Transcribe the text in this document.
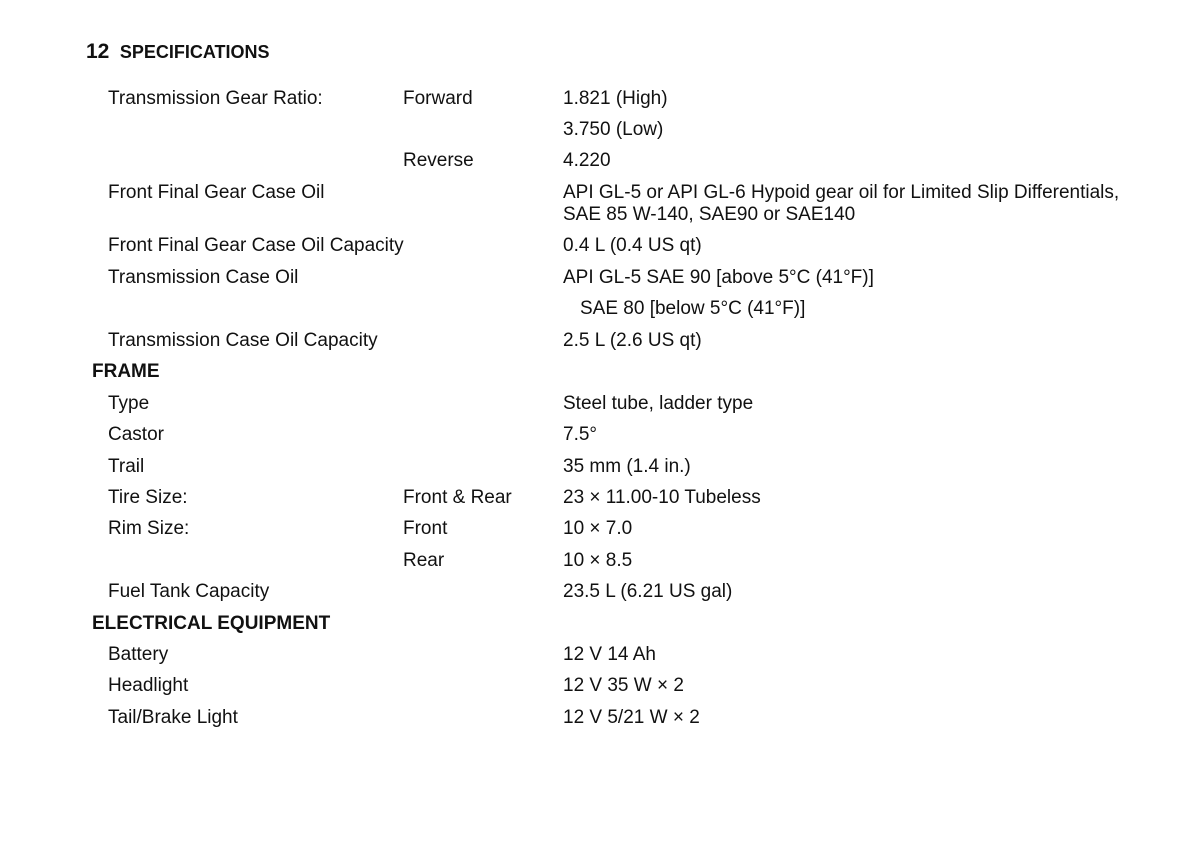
12 SPECIFICATIONS
Transmission Gear Ratio:	Forward	1.821 (High)
3.750 (Low)
Reverse	4.220
Front Final Gear Case Oil	API GL-5 or API GL-6 Hypoid gear oil for Limited Slip Differentials, SAE 85 W-140, SAE90 or SAE140
Front Final Gear Case Oil Capacity	0.4 L (0.4 US qt)
Transmission Case Oil	API GL-5 SAE 90 [above 5°C (41°F)]
SAE 80 [below 5°C (41°F)]
Transmission Case Oil Capacity	2.5 L (2.6 US qt)
FRAME
Type	Steel tube, ladder type
Castor	7.5°
Trail	35 mm (1.4 in.)
Tire Size:	Front & Rear	23 × 11.00-10 Tubeless
Rim Size:	Front	10 × 7.0
Rear	10 × 8.5
Fuel Tank Capacity	23.5 L (6.21 US gal)
ELECTRICAL EQUIPMENT
Battery	12 V 14 Ah
Headlight	12 V 35 W × 2
Tail/Brake Light	12 V 5/21 W × 2
